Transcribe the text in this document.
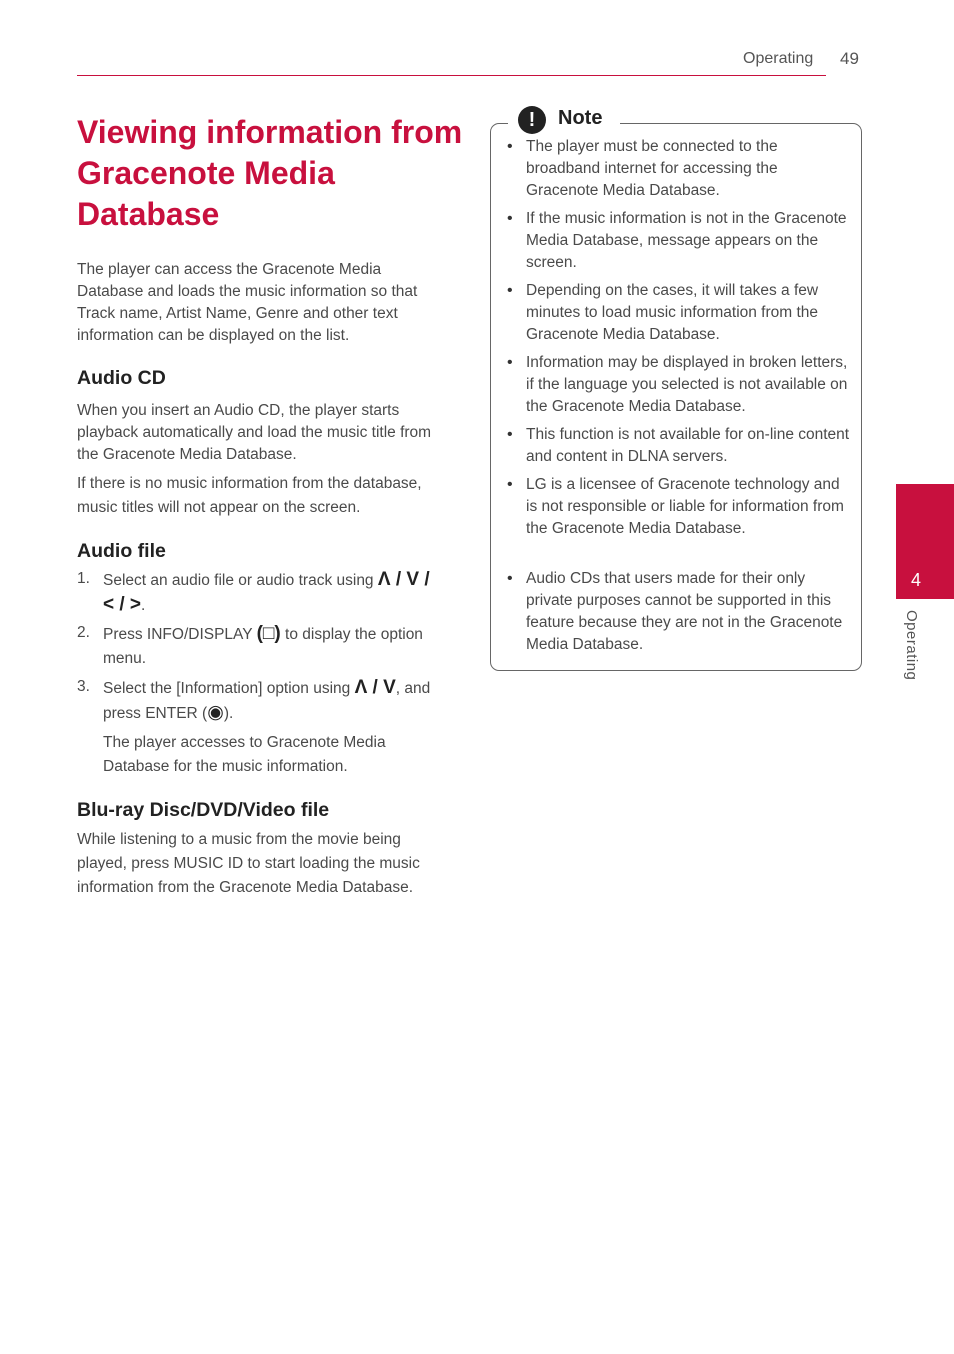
Operating 49
Viewing information from Gracenote Media Database

The player can access the Gracenote Media Database and loads the music information so that Track name, Artist Name, Genre and other text information can be displayed on the list.

Audio CD

When you insert an Audio CD, the player starts playback automatically and load the music title from the Gracenote Media Database.

If there is no music information from the database, music titles will not appear on the screen.

Audio file
1. Select an audio file or audio track using Λ / V /
< / >.

2. Press INFO/DISPLAY (□) to display the option menu.

3. Select the [Information] option using Λ / V, and press ENTER (◉).

The player accesses to Gracenote Media Database for the music information.

Blu-ray Disc/DVD/Video file

While listening to a music from the movie being played, press MUSIC ID to start loading the music information from the Gracenote Media Database.

!	Note
• The player must be connected to the broadband internet for accessing the Gracenote Media Database.

• If the music information is not in the Gracenote Media Database, message appears on the screen.

• Depending on the cases, it will takes a few minutes to load music information from the Gracenote Media Database.

• Information may be displayed in broken letters, if the language you selected is not available on the Gracenote Media Database.

• This function is not available for on-line content and content in DLNA servers.

• LG is a licensee of Gracenote technology and is not responsible or liable for information from the Gracenote Media Database.

• Audio CDs that users made for their only private purposes cannot be supported in this feature because they are not in the Gracenote Media Database.

4
Operating
